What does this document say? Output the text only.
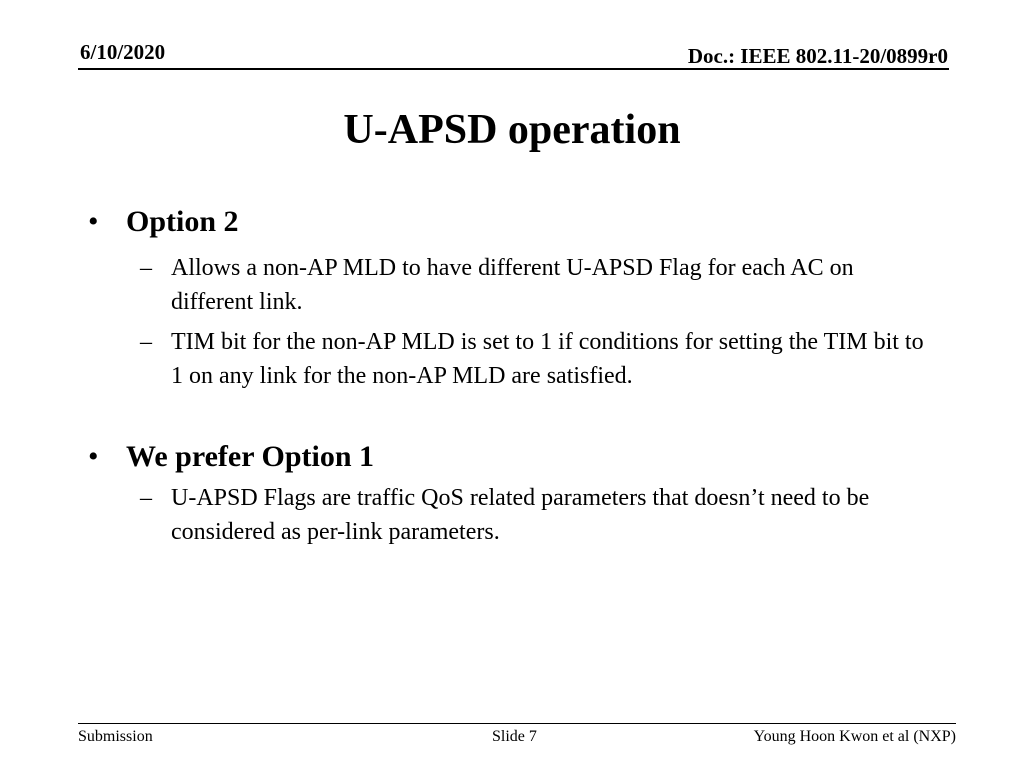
6/10/2020	Doc.: IEEE 802.11-20/0899r0
U-APSD operation
• Option 2
– Allows a non-AP MLD to have different U-APSD Flag for each AC on different link.
– TIM bit for the non-AP MLD is set to 1 if conditions for setting the TIM bit to 1 on any link for the non-AP MLD are satisfied.
• We prefer Option 1
– U-APSD Flags are traffic QoS related parameters that doesn’t need to be considered as per-link parameters.
Submission	Slide 7	Young Hoon Kwon et al (NXP)
